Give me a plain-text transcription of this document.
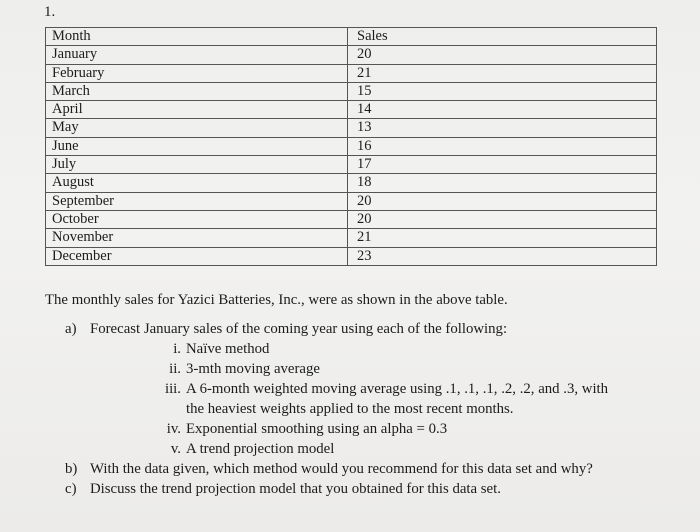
1.
Month	Sales
January	20
February	21
March	15
April	14
May	13
June	16
July	17
August	18
September	20
October	20
November	21
December	23
The monthly sales for Yazici Batteries, Inc., were as shown in the above table.
a) Forecast January sales of the coming year using each of the following:
i. Naïve method
ii. 3-mth moving average
iii. A 6-month weighted moving average using .1, .1, .1, .2, .2, and .3, with
the heaviest weights applied to the most recent months.
iv. Exponential smoothing using an alpha = 0.3
v. A trend projection model
b) With the data given, which method would you recommend for this data set and why?
c) Discuss the trend projection model that you obtained for this data set.
